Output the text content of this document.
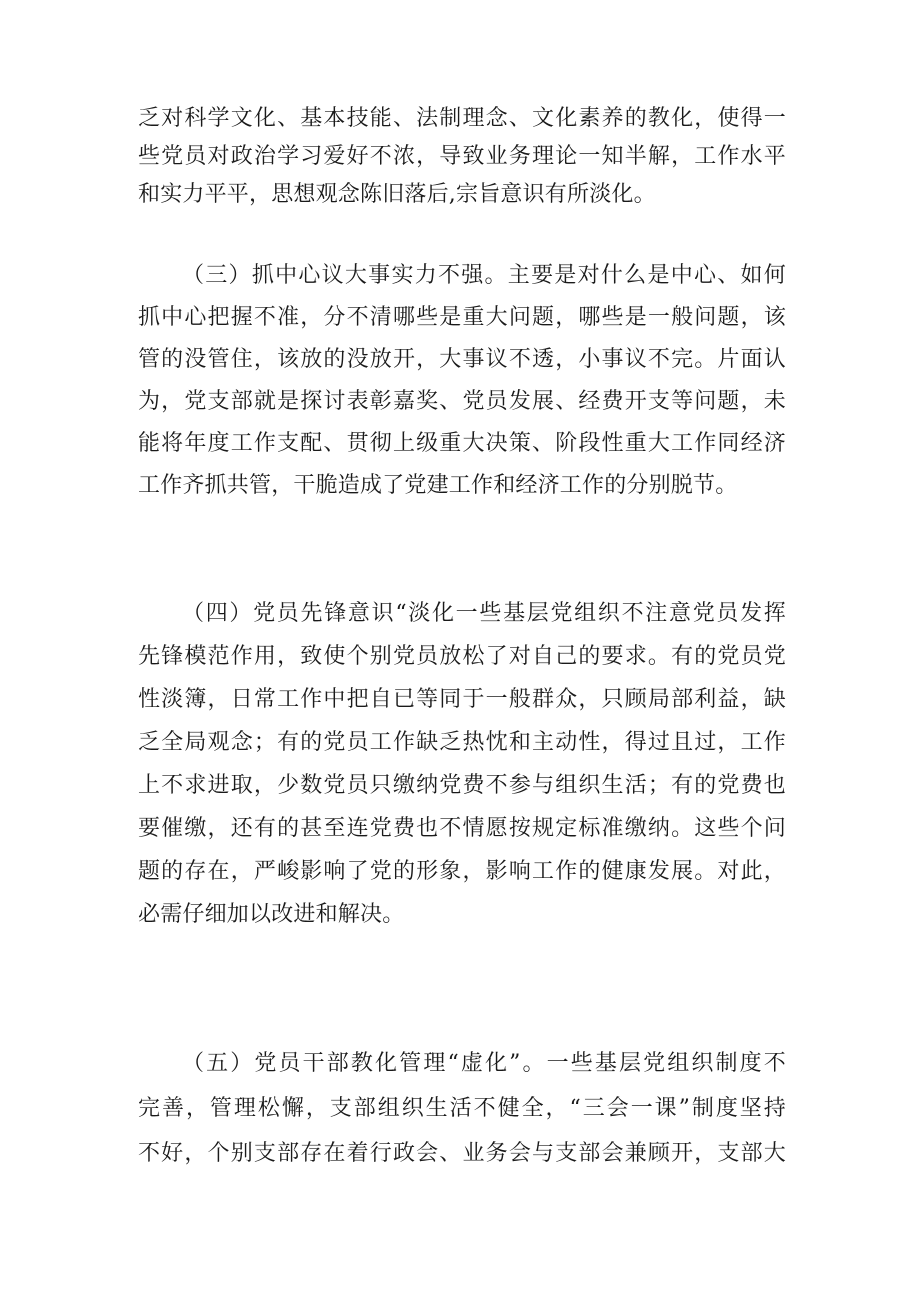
乏对科学文化、基本技能、法制理念、文化素养的教化，使得一
些党员对政治学习爱好不浓，导致业务理论一知半解，工作水平
和实力平平，思想观念陈旧落后,宗旨意识有所淡化。

（三）抓中心议大事实力不强。主要是对什么是中心、如何
抓中心把握不准，分不清哪些是重大问题，哪些是一般问题，该
管的没管住，该放的没放开，大事议不透，小事议不完。片面认
为，党支部就是探讨表彰嘉奖、党员发展、经费开支等问题，未
能将年度工作支配、贯彻上级重大决策、阶段性重大工作同经济
工作齐抓共管，干脆造成了党建工作和经济工作的分别脱节。

（四）党员先锋意识“淡化一些基层党组织不注意党员发挥
先锋模范作用，致使个别党员放松了对自己的要求。有的党员党
性淡簿，日常工作中把自已等同于一般群众，只顾局部利益，缺
乏全局观念；有的党员工作缺乏热忱和主动性，得过且过，工作
上不求进取，少数党员只缴纳党费不参与组织生活；有的党费也
要催缴，还有的甚至连党费也不情愿按规定标准缴纳。这些个问
题的存在，严峻影响了党的形象，影响工作的健康发展。对此，
必需仔细加以改进和解决。

（五）党员干部教化管理“虚化”。一些基层党组织制度不
完善，管理松懈，支部组织生活不健全，“三会一课”制度坚持
不好，个别支部存在着行政会、业务会与支部会兼顾开，支部大
